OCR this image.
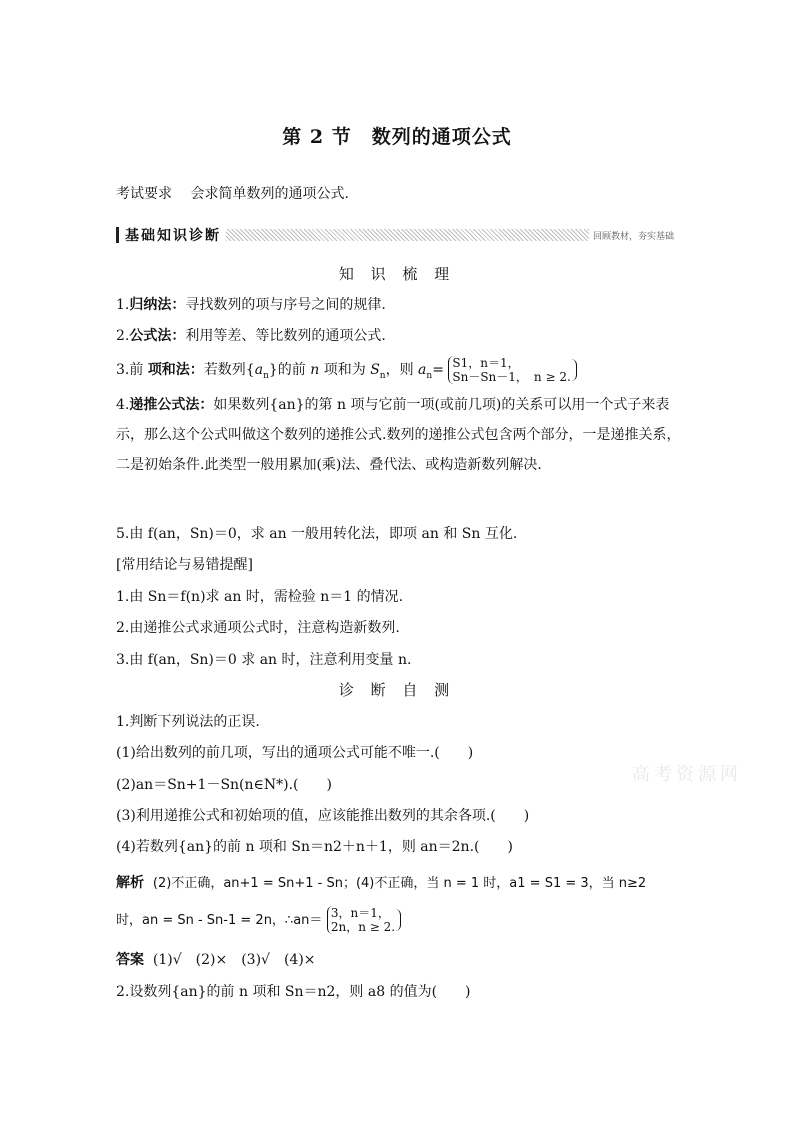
第 2 节　数列的通项公式
考试要求 会求简单数列的通项公式.
基础知识诊断	回顾教材，夯实基础
知 识 梳 理
1.归纳法：寻找数列的项与序号之间的规律.
2.公式法：利用等差、等比数列的通项公式.
3.前 项和法：若数列$\{a_n\}$的前 n 项和为 $S_n$，则 $a_n= S1$，n＝1，
Sn－Sn－1，　n ≥ 2.
4.递推公式法：如果数列{an}的第 n 项与它前一项(或前几项)的关系可以用一个式子来表示，那么这个公式叫做这个数列的递推公式.数列的递推公式包含两个部分，一是递推关系，二是初始条件.此类型一般用累加(乘)法、叠代法、或构造新数列解决.
5.由 f(an，Sn)＝0，求 an 一般用转化法，即项 an 和 Sn 互化.
[常用结论与易错提醒]
1.由 Sn＝f(n)求 an 时，需检验 n＝1 的情况.
2.由递推公式求通项公式时，注意构造新数列.
3.由 f(an，Sn)＝0 求 an 时，注意利用变量 n.
诊 断 自 测
1.判断下列说法的正误.
(1)给出数列的前几项，写出的通项公式可能不唯一.(　　)
(2)an＝Sn+1－Sn(n∈N*).(　　)
(3)利用递推公式和初始项的值，应该能推出数列的其余各项.(　　)
(4)若数列{an}的前 n 项和 Sn＝n2＋n＋1，则 an＝2n.(　　)
解析 (2)不正确，an+1 = Sn+1 - Sn；(4)不正确，当 n = 1 时，a1 = S1 = 3，当 n≥2
时，an = Sn - Sn-1 = 2n，∴an＝ 3，n＝1，
2n，n ≥ 2.
答案 (1)√　(2)×　(3)√　(4)×
2.设数列{an}的前 n 项和 Sn＝n2，则 a8 的值为(　　)
高考资源网
